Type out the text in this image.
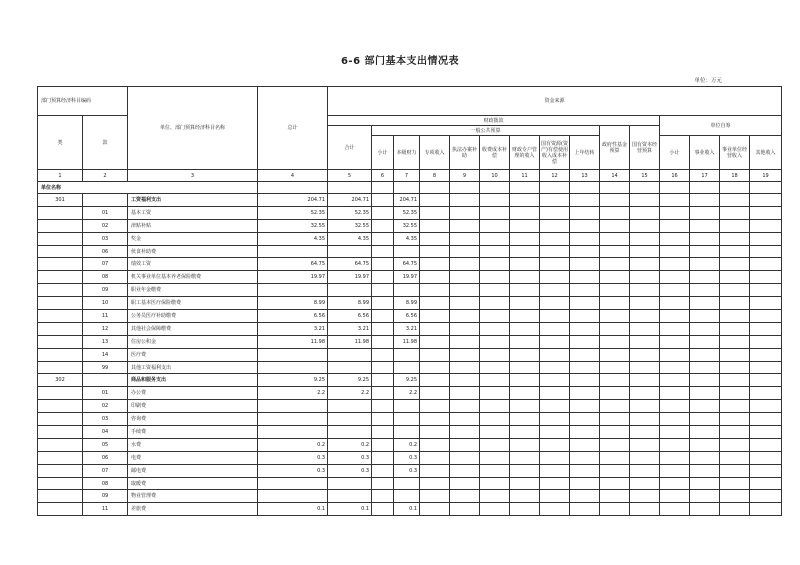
6-6 部门基本支出情况表
单位：万元
部门预算经济科目编码		单位、部门预算经济科目名称	总计	资金来源														
类	款			财政拨款											单位自筹			
				合计	一般公共预算								政府性基金预算	国有资本经营预算				
					小计	本级财力	专项收入	执法办案补助	收费成本补偿	财政专户管理的收入	国有资源(资产)有偿使用收入成本补偿	上年结转			小计	事业收入	事业单位经营收入	其他收入
1	2	3	4	5	6	7	8	9	10	11	12	13	14	15	16	17	18	19
单位名称																		
301		工资福利支出	204.71	204.71		204.71												
	01	基本工资	52.35	52.35		52.35												
	02	津贴补贴	32.55	32.55		32.55												
	03	奖金	4.35	4.35		4.35												
	06	伙食补助费																
	07	绩效工资	64.75	64.75		64.75												
	08	机关事业单位基本养老保险缴费	19.97	19.97		19.97												
	09	职业年金缴费																
	10	职工基本医疗保险缴费	8.99	8.99		8.99												
	11	公务员医疗补助缴费	6.56	6.56		6.56												
	12	其他社会保障缴费	3.21	3.21		3.21												
	13	住房公积金	11.98	11.98		11.98												
	14	医疗费																
	99	其他工资福利支出																
302		商品和服务支出	9.25	9.25		9.25												
	01	办公费	2.2	2.2		2.2												
	02	印刷费																
	03	咨询费																
	04	手续费																
	05	水费	0.2	0.2		0.2												
	06	电费	0.3	0.3		0.3												
	07	邮电费	0.3	0.3		0.3												
	08	取暖费																
	09	物业管理费																
	11	差旅费	0.1	0.1		0.1												
